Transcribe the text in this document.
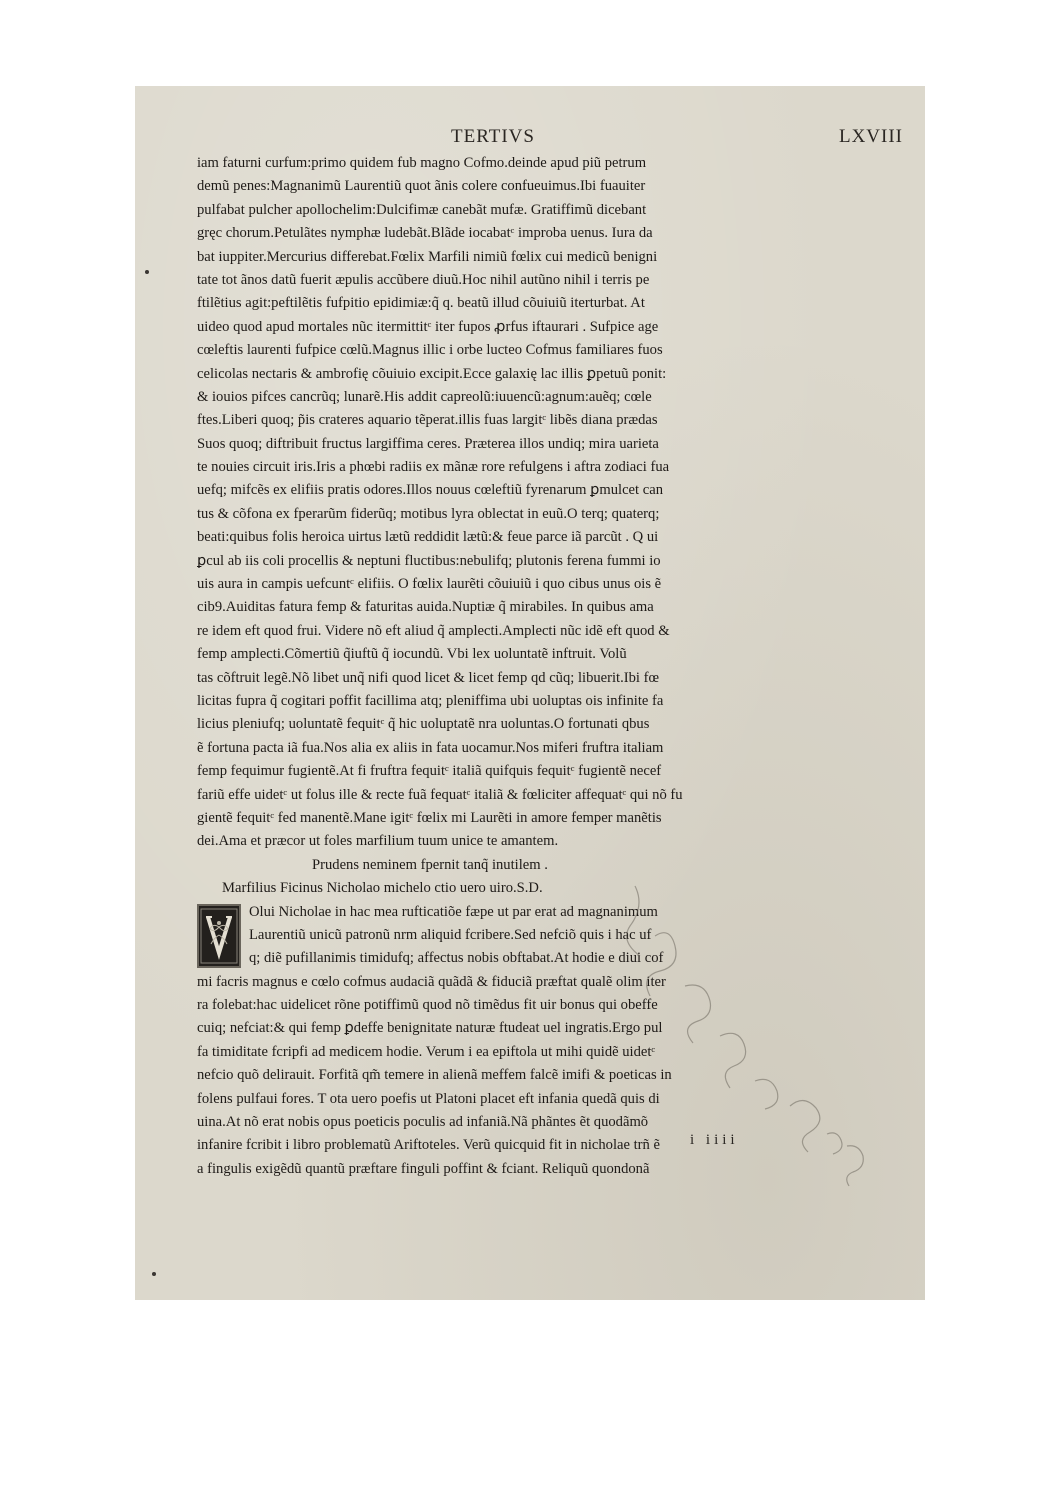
TERTIVS	LXVIII
iam faturni curfum:primo quidem fub magno Cofmo.deinde apud piũ petrum
demũ penes:Magnanimũ Laurentiũ quot ãnis colere confueuimus.Ibi fuauiter
pulfabat pulcher apollochelim:Dulcifimæ canebãt mufæ. Gratiffimũ dicebant
gręc chorum.Petulãtes nymphæ ludebãt.Blãde iocabatᶜ improba uenus. Iura da
bat iuppiter.Mercurius differebat.Fœlix Marfili nimiũ fœlix cui medicũ benigni
tate tot ãnos datũ fuerit æpulis accũbere diuũ.Hoc nihil autũno nihil i terris pe
ftilẽtius agit:peftilẽtis fufpitio epidimiæ:q̃ q. beatũ illud cõuiuiũ iterturbat. At
uideo quod apud mortales nũc itermittitᶜ iter fupos ꝓrfus iftaurari . Sufpice age
cœleftis laurenti fufpice cœlũ.Magnus illic i orbe lucteo Cofmus familiares fuos
celicolas nectaris & ambrofię cõuiuio excipit.Ecce galaxię lac illis ꝑpetuũ ponit:
& iouios pifces cancrũq; lunarẽ.His addit capreolũ:iuuencũ:agnum:auẽq; cœle
ftes.Liberi quoq; p̃is crateres aquario tẽperat.illis fuas largitᶜ libẽs diana prædas
Suos quoq; diftribuit fructus largiffima ceres. Præterea illos undiq; mira uarieta
te nouies circuit iris.Iris a phœbi radiis ex mãnæ rore refulgens i aftra zodiaci fua
uefq; mifcẽs ex elifiis pratis odores.Illos nouus cœleftiũ fyrenarum ꝑmulcet can
tus & cõfona ex fperarũm fiderũq; motibus lyra oblectat in euũ.O terq; quaterq;
beati:quibus folis heroica uirtus lætũ reddidit lætũ:& feue parce iã parcũt . Q ui
ꝑcul ab iis coli procellis & neptuni fluctibus:nebulifq; plutonis ferena fummi io
uis aura in campis uefcuntᶜ elifiis. O fœlix laurẽti cõuiuiũ i quo cibus unus ois ẽ
cib9.Auiditas fatura femp & faturitas auida.Nuptiæ q̃ mirabiles. In quibus ama
re idem eft quod frui. Videre nõ eft aliud q̃ amplecti.Amplecti nũc idẽ eft quod &
femp amplecti.Cõmertiũ q̃iuftũ q̃ iocundũ. Vbi lex uoluntatẽ inftruit. Volũ
tas cõftruit legẽ.Nõ libet unq̃ nifi quod licet & licet femp qd cũq; libuerit.Ibi fœ
licitas fupra q̃ cogitari poffit facillima atq; pleniffima ubi uoluptas ois infinite fa
licius pleniufq; uoluntatẽ fequitᶜ q̃ hic uoluptatẽ nra uoluntas.O fortunati qbus
ẽ fortuna pacta iã fua.Nos alia ex aliis in fata uocamur.Nos miferi fruftra italiam
femp fequimur fugientẽ.At fi fruftra fequitᶜ italiã quifquis fequitᶜ fugientẽ necef
fariũ effe uidetᶜ ut folus ille & recte fuã fequatᶜ italiã & fœliciter affequatᶜ qui nõ fu
gientẽ fequitᶜ fed manentẽ.Mane igitᶜ fœlix mi Laurẽti in amore femper manẽtis
dei.Ama et præcor ut foles marfilium tuum unice te amantem.
Prudens neminem fpernit tanq̃ inutilem .
Marfilius Ficinus Nicholao michelo ctio uero uiro.S.D.
Olui Nicholae in hac mea rufticatiõe fæpe ut par erat ad magnanimum
Laurentiũ unicũ patronũ nrm aliquid fcribere.Sed nefciõ quis i hac uf
q; diẽ pufillanimis timidufq; affectus nobis obftabat.At hodie e diui cof
mi facris magnus e cœlo cofmus audaciã quãdã & fiduciã præftat qualẽ olim iter
ra folebat:hac uidelicet rõne potiffimũ quod nõ timẽdus fit uir bonus qui obeffe
cuiq; nefciat:& qui femp ꝑdeffe benignitate naturæ ftudeat uel ingratis.Ergo pul
fa timiditate fcripfi ad medicem hodie. Verum i ea epiftola ut mihi quidẽ uidetᶜ
nefcio quõ delirauit. Forfitã qm̃ temere in alienã meffem falcẽ imifi & poeticas in
folens pulfaui fores. T ota uero poefis ut Platoni placet eft infania quedã quis di
uina.At nõ erat nobis opus poeticis poculis ad infaniã.Nã phãntes ẽt quodãmõ
infanire fcribit i libro problematũ Ariftoteles. Verũ quicquid fit in nicholae trñ ẽ
a fingulis exigẽdũ quantũ præftare finguli poffint & fciant. Reliquũ quondonã
i iiii
